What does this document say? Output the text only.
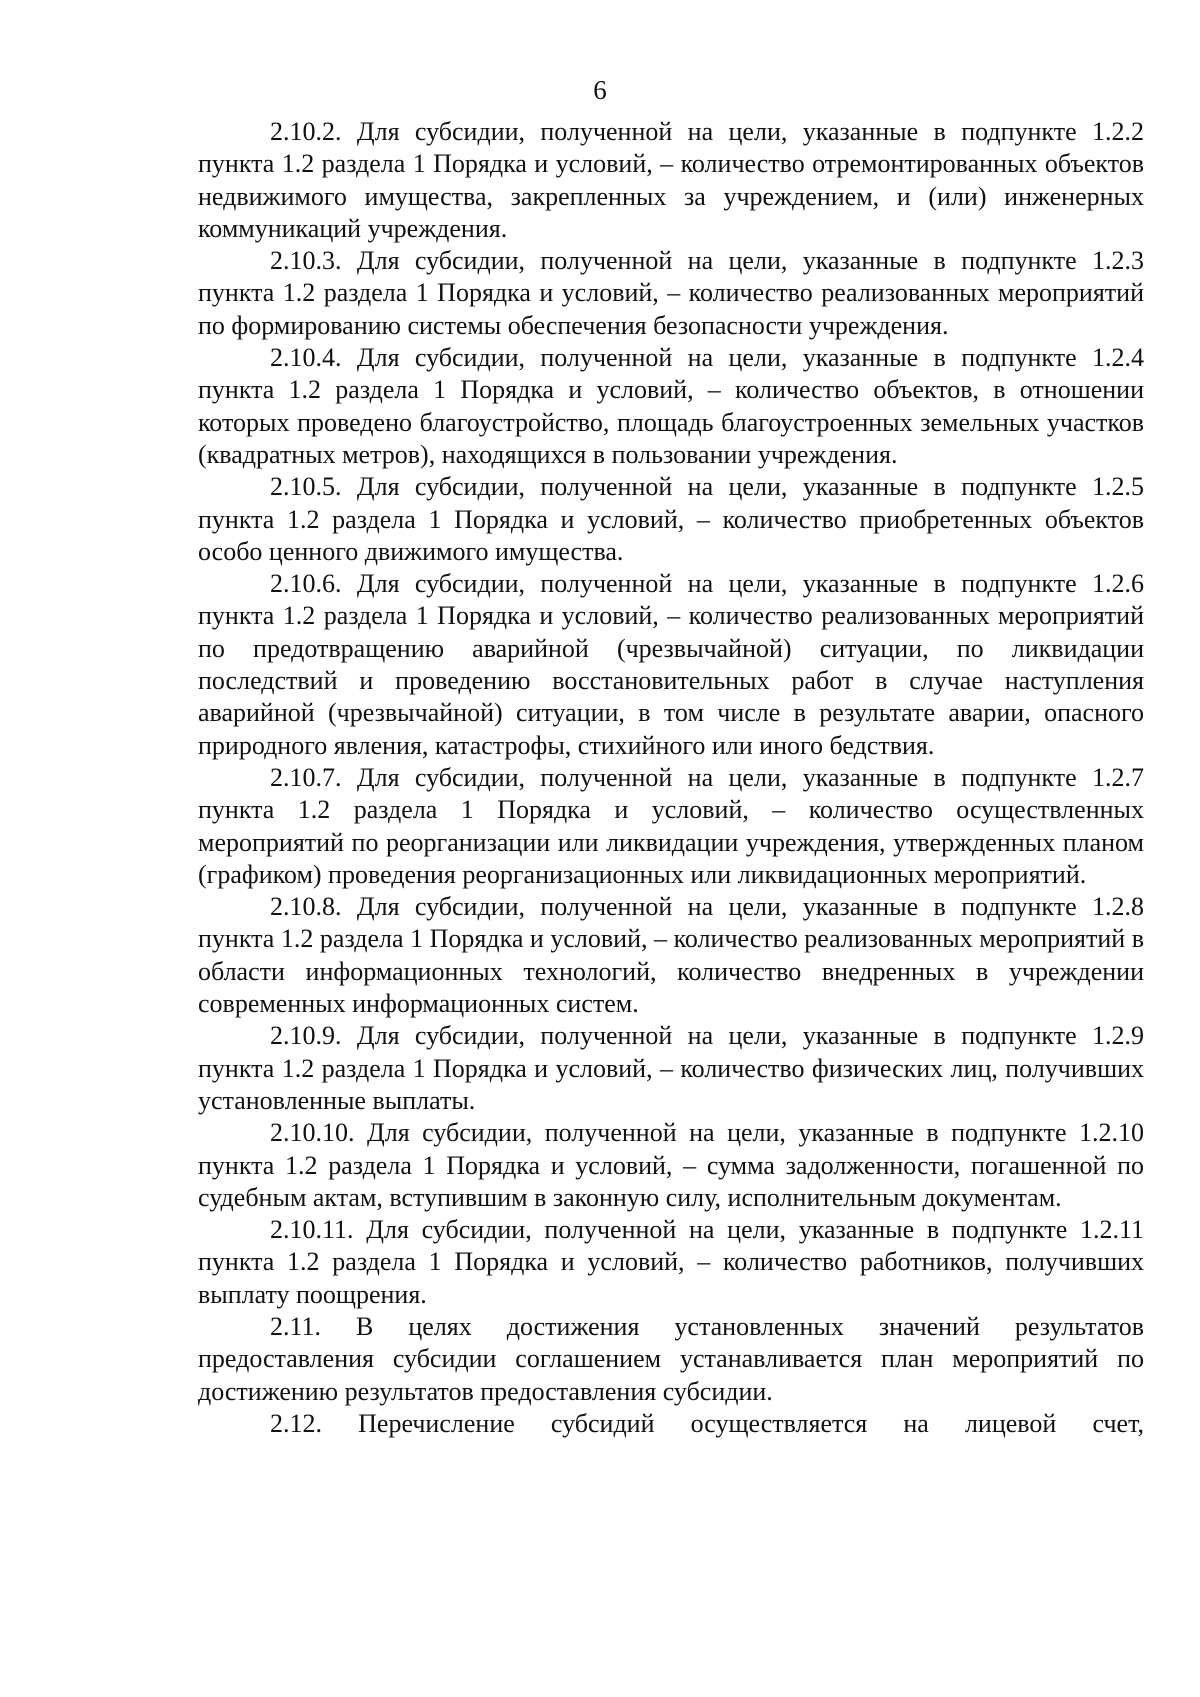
6

2.10.2. Для субсидии, полученной на цели, указанные в подпункте 1.2.2 пункта 1.2 раздела 1 Порядка и условий, – количество отремонтированных объектов недвижимого имущества, закрепленных за учреждением, и (или) инженерных коммуникаций учреждения.

2.10.3. Для субсидии, полученной на цели, указанные в подпункте 1.2.3 пункта 1.2 раздела 1 Порядка и условий, – количество реализованных мероприятий по формированию системы обеспечения безопасности учреждения.

2.10.4. Для субсидии, полученной на цели, указанные в подпункте 1.2.4 пункта 1.2 раздела 1 Порядка и условий, – количество объектов, в отношении которых проведено благоустройство, площадь благоустроенных земельных участков (квадратных метров), находящихся в пользовании учреждения.

2.10.5. Для субсидии, полученной на цели, указанные в подпункте 1.2.5 пункта 1.2 раздела 1 Порядка и условий, – количество приобретенных объектов особо ценного движимого имущества.

2.10.6. Для субсидии, полученной на цели, указанные в подпункте 1.2.6 пункта 1.2 раздела 1 Порядка и условий, – количество реализованных мероприятий по предотвращению аварийной (чрезвычайной) ситуации, по ликвидации последствий и проведению восстановительных работ в случае наступления аварийной (чрезвычайной) ситуации, в том числе в результате аварии, опасного природного явления, катастрофы, стихийного или иного бедствия.

2.10.7. Для субсидии, полученной на цели, указанные в подпункте 1.2.7 пункта 1.2 раздела 1 Порядка и условий, – количество осуществленных мероприятий по реорганизации или ликвидации учреждения, утвержденных планом (графиком) проведения реорганизационных или ликвидационных мероприятий.

2.10.8. Для субсидии, полученной на цели, указанные в подпункте 1.2.8 пункта 1.2 раздела 1 Порядка и условий, – количество реализованных мероприятий в области информационных технологий, количество внедренных в учреждении современных информационных систем.

2.10.9. Для субсидии, полученной на цели, указанные в подпункте 1.2.9 пункта 1.2 раздела 1 Порядка и условий, – количество физических лиц, получивших установленные выплаты.

2.10.10. Для субсидии, полученной на цели, указанные в подпункте 1.2.10 пункта 1.2 раздела 1 Порядка и условий, – сумма задолженности, погашенной по судебным актам, вступившим в законную силу, исполнительным документам.

2.10.11. Для субсидии, полученной на цели, указанные в подпункте 1.2.11 пункта 1.2 раздела 1 Порядка и условий, – количество работников, получивших выплату поощрения.

2.11. В целях достижения установленных значений результатов предоставления субсидии соглашением устанавливается план мероприятий по достижению результатов предоставления субсидии.

2.12. Перечисление субсидий осуществляется на лицевой счет,
